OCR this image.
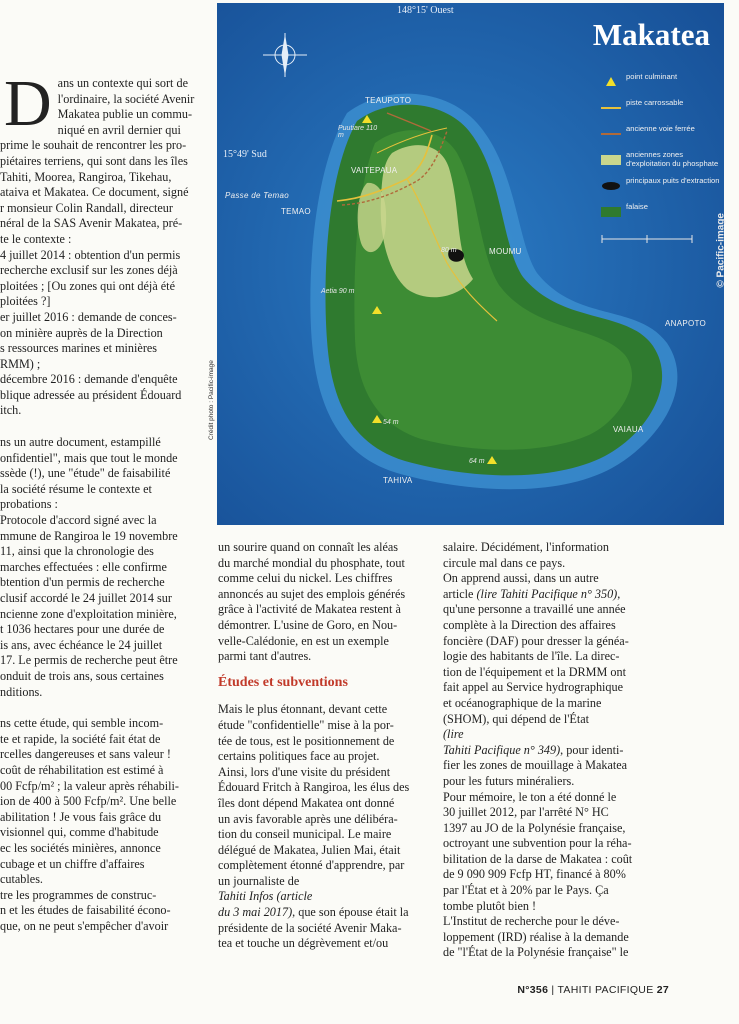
D ans un contexte qui sort de

l'ordinaire, la société Avenir

Makatea publie un commu-

niqué en avril dernier qui

prime le souhait de rencontrer les pro-

piétaires terriens, qui sont dans les îles

Tahiti, Moorea, Rangiroa, Tikehau,

ataiva et Makatea. Ce document, signé

r monsieur Colin Randall, directeur

néral de la SAS Avenir Makatea, pré-

te le contexte :

4 juillet 2014 : obtention d'un permis

recherche exclusif sur les zones déjà

ploitées ; [Ou zones qui ont déjà été

ploitées ?]

er juillet 2016 : demande de conces-

on minière auprès de la Direction

s ressources marines et minières

RMM) ;

décembre 2016 : demande d'enquête

blique adressée au président Édouard

itch.

ns un autre document, estampillé

onfidentiel", mais que tout le monde

ssède (!), une "étude" de faisabilité

la société résume le contexte et

probations :

Protocole d'accord signé avec la

mmune de Rangiroa le 19 novembre

11, ainsi que la chronologie des

marches effectuées : elle confirme

btention d'un permis de recherche

clusif accordé le 24 juillet 2014 sur

ncienne zone d'exploitation minière,

t 1036 hectares pour une durée de

is ans, avec échéance le 24 juillet

17. Le permis de recherche peut être

onduit de trois ans, sous certaines

nditions.

ns cette étude, qui semble incom-

te et rapide, la société fait état de

rcelles dangereuses et sans valeur !

coût de réhabilitation est estimé à

00 Fcfp/m² ; la valeur après réhabili-

ion de 400 à 500 Fcfp/m². Une belle

abilitation ! Je vous fais grâce du

visionnel qui, comme d'habitude

ec les sociétés minières, annonce

cubage et un chiffre d'affaires

cutables.

tre les programmes de construc-

n et les études de faisabilité écono-

que, on ne peut s'empêcher d'avoir

Makatea
148°15' Ouest
15°49' Sud
TEAUPOTO
VAITEPAUA
Passe de Temao
TEMAO
MOUMU
ANAPOTO
VAIAUA
TAHIVA
Puutiare 110 m
Aetia 90 m
54 m
64 m
80 m
point culminant
piste carrossable
ancienne voie ferrée
anciennes zones d'exploitation du phosphate
principaux puits d'extraction
falaise
© Pacific-image
Crédit photo : Pacific-image

un sourire quand on connaît les aléas

du marché mondial du phosphate, tout

comme celui du nickel. Les chiffres

annoncés au sujet des emplois générés

grâce à l'activité de Makatea restent à

démontrer. L'usine de Goro, en Nou-

velle-Calédonie, en est un exemple

parmi tant d'autres.

Études et subventions

Mais le plus étonnant, devant cette

étude "confidentielle" mise à la por-

tée de tous, est le positionnement de

certains politiques face au projet.

Ainsi, lors d'une visite du président

Édouard Fritch à Rangiroa, les élus des

îles dont dépend Makatea ont donné

un avis favorable après une délibéra-

tion du conseil municipal. Le maire

délégué de Makatea, Julien Mai, était

complètement étonné d'apprendre, par

un journaliste de

Tahiti Infos (article

du 3 mai 2017), que son épouse était la

présidente de la société Avenir Maka-

tea et touche un dégrèvement et/ou

salaire. Décidément, l'information

circule mal dans ce pays.

On apprend aussi, dans un autre

article (lire Tahiti Pacifique n° 350),

qu'une personne a travaillé une année

complète à la Direction des affaires

foncière (DAF) pour dresser la généa-

logie des habitants de l'île. La direc-

tion de l'équipement et la DRMM ont

fait appel au Service hydrographique

et océanographique de la marine

(SHOM), qui dépend de l'État

(lire

Tahiti Pacifique n° 349), pour identi-

fier les zones de mouillage à Makatea

pour les futurs minéraliers.

Pour mémoire, le ton a été donné le

30 juillet 2012, par l'arrêté N° HC

1397 au JO de la Polynésie française,

octroyant une subvention pour la réha-

bilitation de la darse de Makatea : coût

de 9 090 909 Fcfp HT, financé à 80%

par l'État et à 20% par le Pays. Ça

tombe plutôt bien !

L'Institut de recherche pour le déve-

loppement (IRD) réalise à la demande

de "l'État de la Polynésie française" le

N°356 | TAHITI PACIFIQUE 27
